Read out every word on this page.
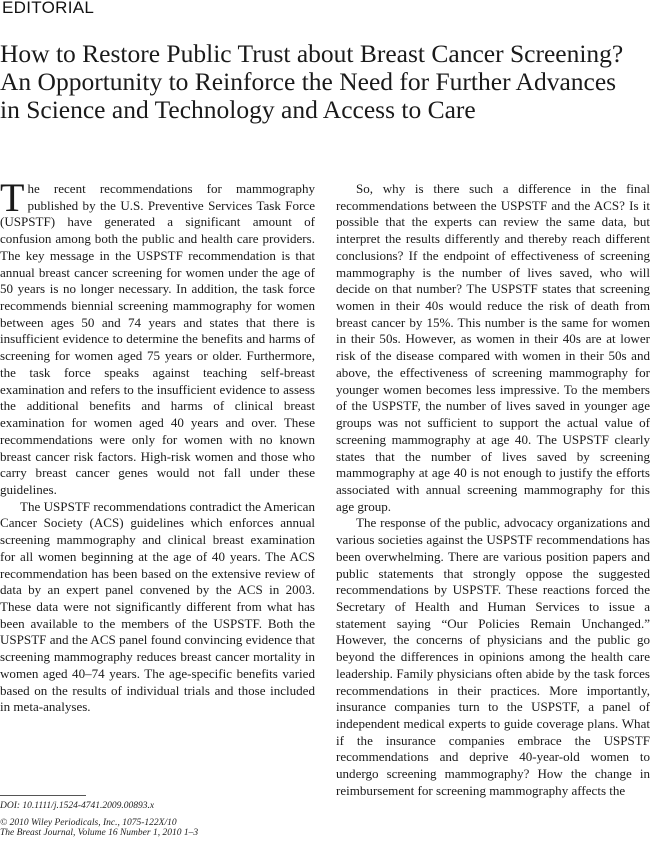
EDITORIAL
How to Restore Public Trust about Breast Cancer Screening? An Opportunity to Reinforce the Need for Further Advances in Science and Technology and Access to Care

The recent recommendations for mammography published by the U.S. Preventive Services Task Force (USPSTF) have generated a significant amount of confusion among both the public and health care providers. The key message in the USPSTF recommendation is that annual breast cancer screening for women under the age of 50 years is no longer necessary. In addition, the task force recommends biennial screening mammography for women between ages 50 and 74 years and states that there is insufficient evidence to determine the benefits and harms of screening for women aged 75 years or older. Furthermore, the task force speaks against teaching self-breast examination and refers to the insufficient evidence to assess the additional benefits and harms of clinical breast examination for women aged 40 years and over. These recommendations were only for women with no known breast cancer risk factors. High-risk women and those who carry breast cancer genes would not fall under these guidelines.

The USPSTF recommendations contradict the American Cancer Society (ACS) guidelines which enforces annual screening mammography and clinical breast examination for all women beginning at the age of 40 years. The ACS recommendation has been based on the extensive review of data by an expert panel convened by the ACS in 2003. These data were not significantly different from what has been available to the members of the USPSTF. Both the USPSTF and the ACS panel found convincing evidence that screening mammography reduces breast cancer mortality in women aged 40–74 years. The age-specific benefits varied based on the results of individual trials and those included in meta-analyses.

So, why is there such a difference in the final recommendations between the USPSTF and the ACS? Is it possible that the experts can review the same data, but interpret the results differently and thereby reach different conclusions? If the endpoint of effectiveness of screening mammography is the number of lives saved, who will decide on that number? The USPSTF states that screening women in their 40s would reduce the risk of death from breast cancer by 15%. This number is the same for women in their 50s. However, as women in their 40s are at lower risk of the disease compared with women in their 50s and above, the effectiveness of screening mammography for younger women becomes less impressive. To the members of the USPSTF, the number of lives saved in younger age groups was not sufficient to support the actual value of screening mammography at age 40. The USPSTF clearly states that the number of lives saved by screening mammography at age 40 is not enough to justify the efforts associated with annual screening mammography for this age group.

The response of the public, advocacy organizations and various societies against the USPSTF recommendations has been overwhelming. There are various position papers and public statements that strongly oppose the suggested recommendations by USPSTF. These reactions forced the Secretary of Health and Human Services to issue a statement saying “Our Policies Remain Unchanged.” However, the concerns of physicians and the public go beyond the differences in opinions among the health care leadership. Family physicians often abide by the task forces recommendations in their practices. More importantly, insurance companies turn to the USPSTF, a panel of independent medical experts to guide coverage plans. What if the insurance companies embrace the USPSTF recommendations and deprive 40-year-old women to undergo screening mammography? How the change in reimbursement for screening mammography affects the

DOI: 10.1111/j.1524-4741.2009.00893.x
© 2010 Wiley Periodicals, Inc., 1075-122X/10
The Breast Journal, Volume 16 Number 1, 2010 1–3
